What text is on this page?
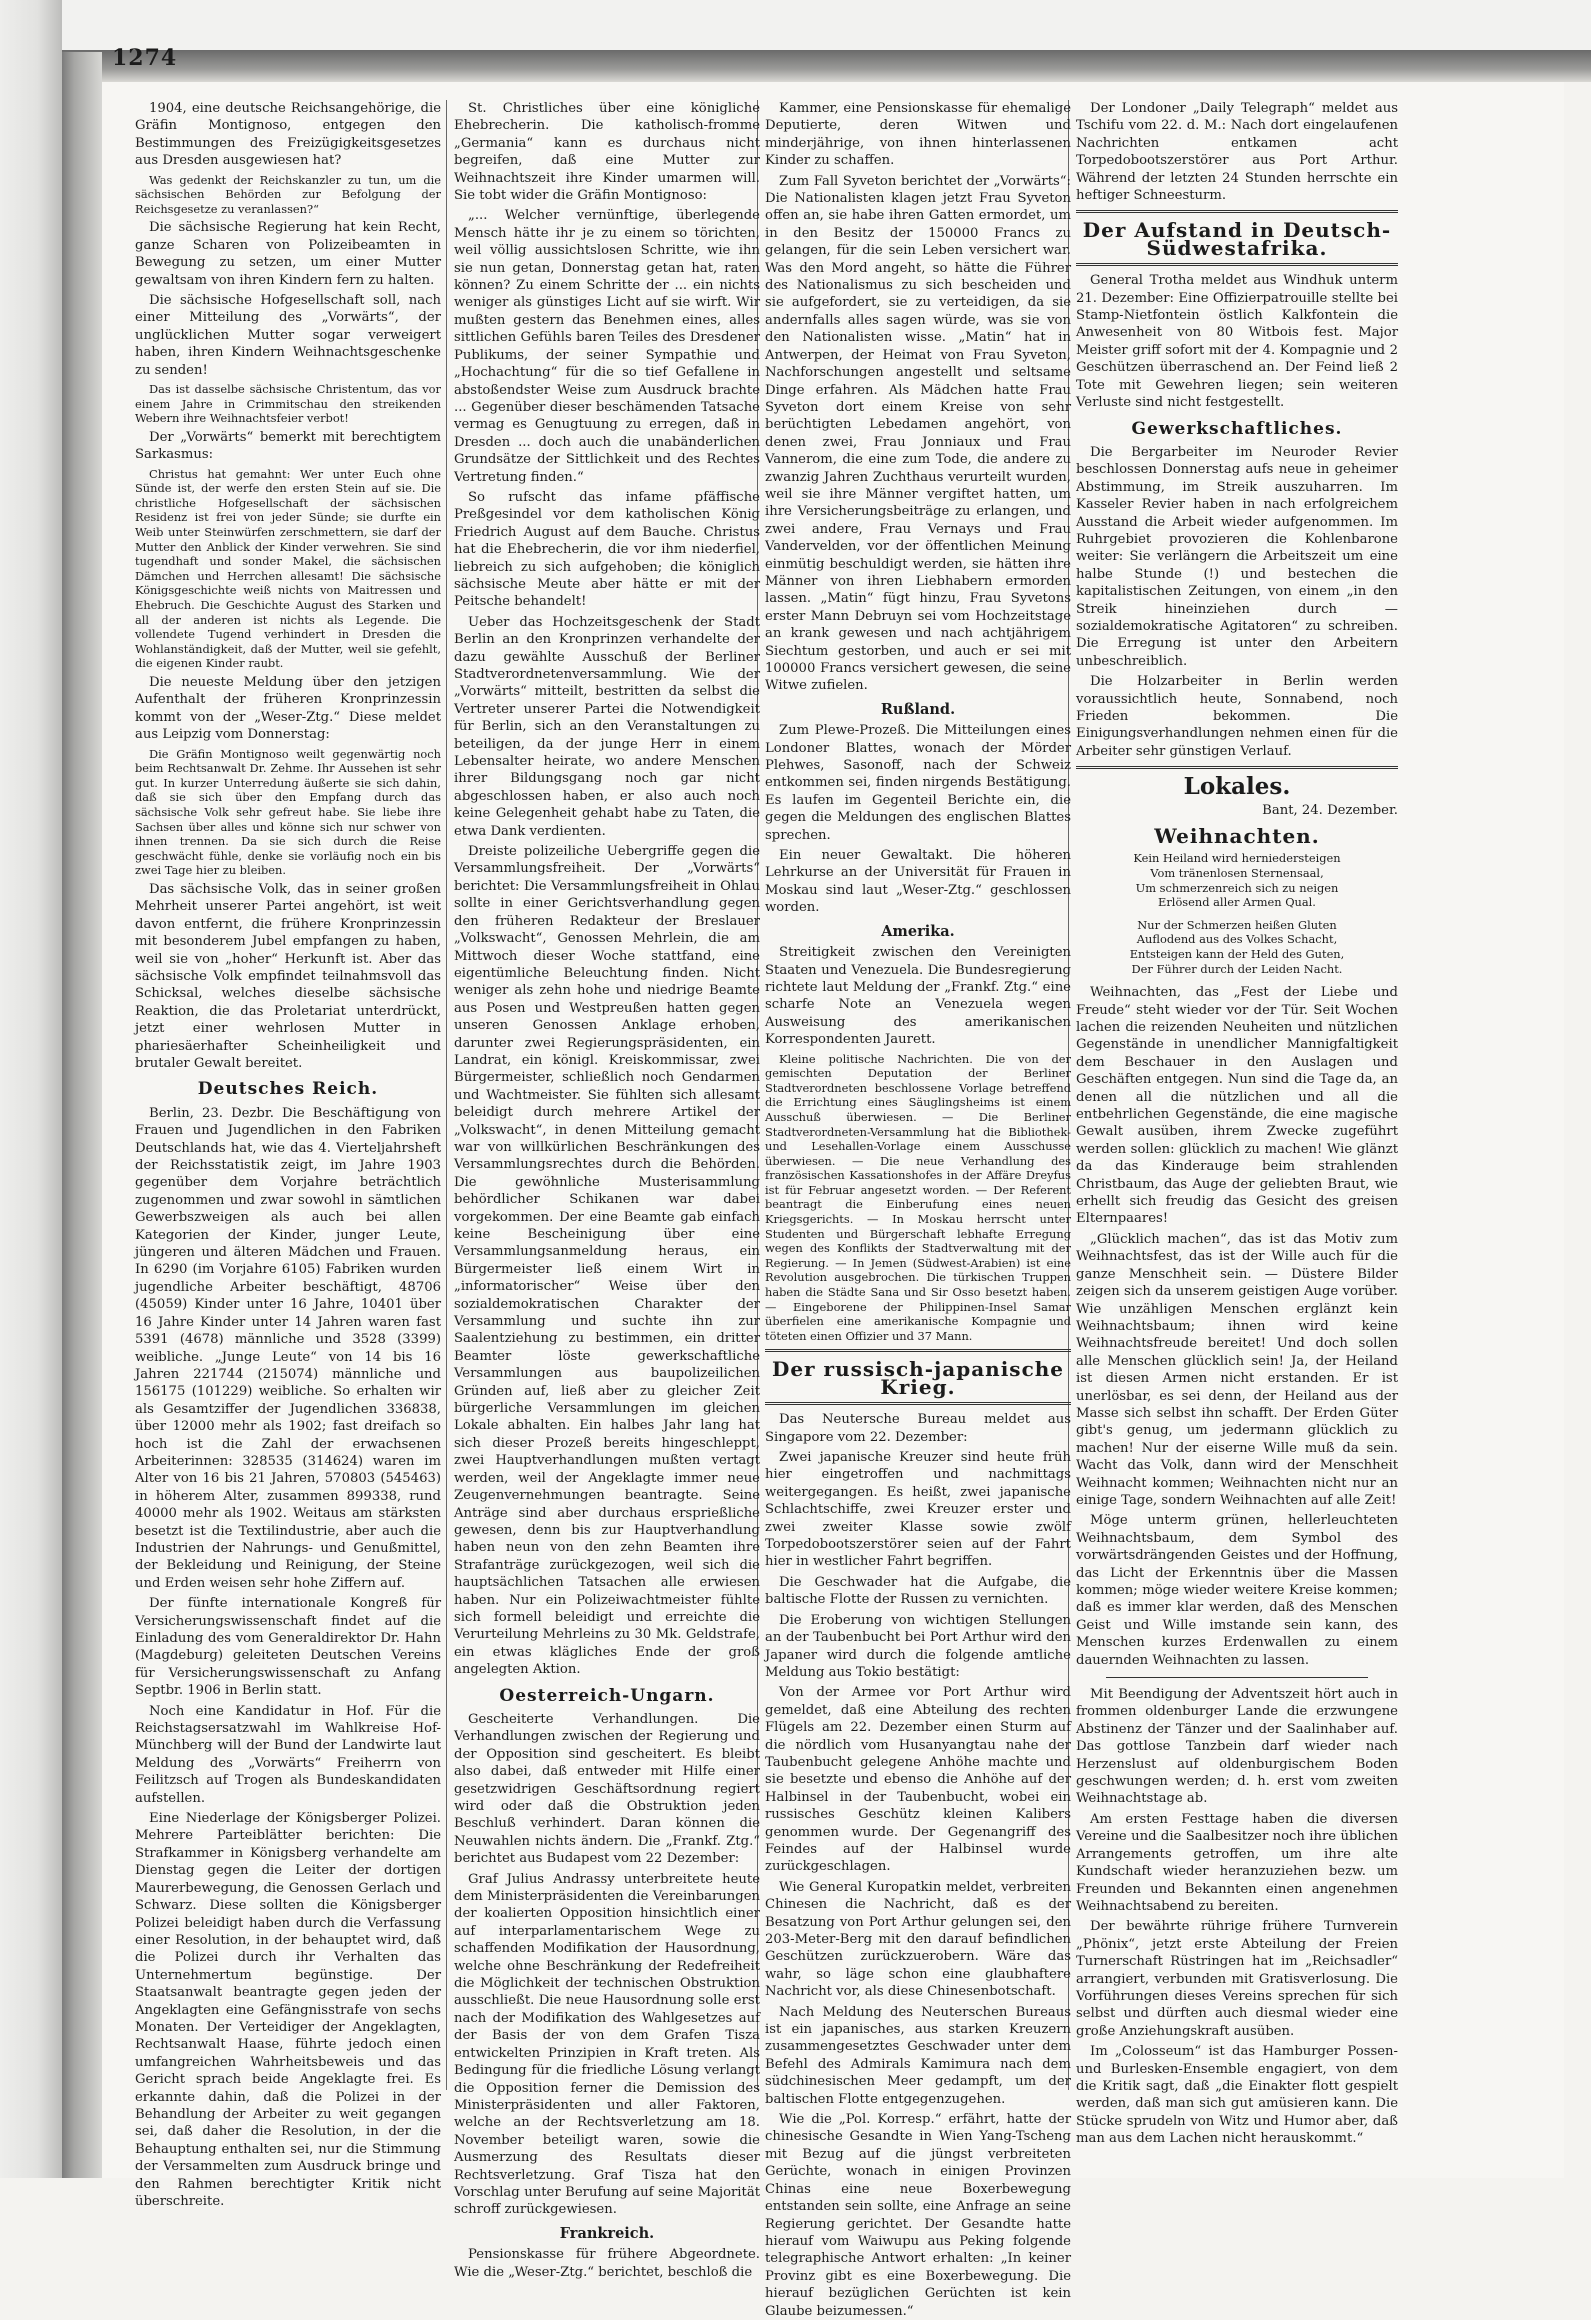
1274

1904, eine deutsche Reichsangehörige, die Gräfin Montignoso, entgegen den Bestimmungen des Freizügigkeitsgesetzes aus Dresden ausgewiesen hat?

Was gedenkt der Reichskanzler zu tun, um die sächsischen Behörden zur Befolgung der Reichsgesetze zu veranlassen?“

Die sächsische Regierung hat kein Recht, ganze Scharen von Polizeibeamten in Bewegung zu setzen, um einer Mutter gewaltsam von ihren Kindern fern zu halten.

Die sächsische Hofgesellschaft soll, nach einer Mitteilung des „Vorwärts“, der unglücklichen Mutter sogar verweigert haben, ihren Kindern Weihnachtsgeschenke zu senden!

Das ist dasselbe sächsische Christentum, das vor einem Jahre in Crimmitschau den streikenden Webern ihre Weihnachtsfeier verbot!

Der „Vorwärts“ bemerkt mit berechtigtem Sarkasmus:

Christus hat gemahnt: Wer unter Euch ohne Sünde ist, der werfe den ersten Stein auf sie. Die christliche Hofgesellschaft der sächsischen Residenz ist frei von jeder Sünde; sie durfte ein Weib unter Steinwürfen zerschmettern, sie darf der Mutter den Anblick der Kinder verwehren. Sie sind tugendhaft und sonder Makel, die sächsischen Dämchen und Herrchen allesamt! Die sächsische Königsgeschichte weiß nichts von Maitressen und Ehebruch. Die Geschichte August des Starken und all der anderen ist nichts als Legende. Die vollendete Tugend verhindert in Dresden die Wohlanständigkeit, daß der Mutter, weil sie gefehlt, die eigenen Kinder raubt.

Die neueste Meldung über den jetzigen Aufenthalt der früheren Kronprinzessin kommt von der „Weser-Ztg.“ Diese meldet aus Leipzig vom Donnerstag:

Die Gräfin Montignoso weilt gegenwärtig noch beim Rechtsanwalt Dr. Zehme. Ihr Aussehen ist sehr gut. In kurzer Unterredung äußerte sie sich dahin, daß sie sich über den Empfang durch das sächsische Volk sehr gefreut habe. Sie liebe ihre Sachsen über alles und könne sich nur schwer von ihnen trennen. Da sie sich durch die Reise geschwächt fühle, denke sie vorläufig noch ein bis zwei Tage hier zu bleiben.

Das sächsische Volk, das in seiner großen Mehrheit unserer Partei angehört, ist weit davon entfernt, die frühere Kronprinzessin mit besonderem Jubel empfangen zu haben, weil sie von „hoher“ Herkunft ist. Aber das sächsische Volk empfindet teilnahmsvoll das Schicksal, welches dieselbe sächsische Reaktion, die das Proletariat unterdrückt, jetzt einer wehrlosen Mutter in phariesäerhafter Scheinheiligkeit und brutaler Gewalt bereitet.

Deutsches Reich.

Berlin, 23. Dezbr. Die Beschäftigung von Frauen und Jugendlichen in den Fabriken Deutschlands hat, wie das 4. Vierteljahrsheft der Reichsstatistik zeigt, im Jahre 1903 gegenüber dem Vorjahre beträchtlich zugenommen und zwar sowohl in sämtlichen Gewerbszweigen als auch bei allen Kategorien der Kinder, junger Leute, jüngeren und älteren Mädchen und Frauen. In 6290 (im Vorjahre 6105) Fabriken wurden jugendliche Arbeiter beschäftigt, 48706 (45059) Kinder unter 16 Jahre, 10401 über 16 Jahre Kinder unter 14 Jahren waren fast 5391 (4678) männliche und 3528 (3399) weibliche. „Junge Leute“ von 14 bis 16 Jahren 221744 (215074) männliche und 156175 (101229) weibliche. So erhalten wir als Gesamtziffer der Jugendlichen 336838, über 12000 mehr als 1902; fast dreifach so hoch ist die Zahl der erwachsenen Arbeiterinnen: 328535 (314624) waren im Alter von 16 bis 21 Jahren, 570803 (545463) in höherem Alter, zusammen 899338, rund 40000 mehr als 1902. Weitaus am stärksten besetzt ist die Textilindustrie, aber auch die Industrien der Nahrungs- und Genußmittel, der Bekleidung und Reinigung, der Steine und Erden weisen sehr hohe Ziffern auf.

Der fünfte internationale Kongreß für Versicherungswissenschaft findet auf die Einladung des vom Generaldirektor Dr. Hahn (Magdeburg) geleiteten Deutschen Vereins für Versicherungswissenschaft zu Anfang Septbr. 1906 in Berlin statt.

Noch eine Kandidatur in Hof. Für die Reichstagsersatzwahl im Wahlkreise Hof-Münchberg will der Bund der Landwirte laut Meldung des „Vorwärts“ Freiherrn von Feilitzsch auf Trogen als Bundeskandidaten aufstellen.

Eine Niederlage der Königsberger Polizei. Mehrere Parteiblätter berichten: Die Strafkammer in Königsberg verhandelte am Dienstag gegen die Leiter der dortigen Maurerbewegung, die Genossen Gerlach und Schwarz. Diese sollten die Königsberger Polizei beleidigt haben durch die Verfassung einer Resolution, in der behauptet wird, daß die Polizei durch ihr Verhalten das Unternehmertum begünstige. Der Staatsanwalt beantragte gegen jeden der Angeklagten eine Gefängnisstrafe von sechs Monaten. Der Verteidiger der Angeklagten, Rechtsanwalt Haase, führte jedoch einen umfangreichen Wahrheitsbeweis und das Gericht sprach beide Angeklagte frei. Es erkannte dahin, daß die Polizei in der Behandlung der Arbeiter zu weit gegangen sei, daß daher die Resolution, in der die Behauptung enthalten sei, nur die Stimmung der Versammelten zum Ausdruck bringe und den Rahmen berechtigter Kritik nicht überschreite.

St. Christliches über eine königliche Ehebrecherin. Die katholisch-fromme „Germania“ kann es durchaus nicht begreifen, daß eine Mutter zur Weihnachtszeit ihre Kinder umarmen will. Sie tobt wider die Gräfin Montignoso:

„... Welcher vernünftige, überlegende Mensch hätte ihr je zu einem so törichten, weil völlig aussichtslosen Schritte, wie ihn sie nun getan, Donnerstag getan hat, raten können? Zu einem Schritte der ... ein nichts weniger als günstiges Licht auf sie wirft. Wir mußten gestern das Benehmen eines, alles sittlichen Gefühls baren Teiles des Dresdener Publikums, der seiner Sympathie und „Hochachtung“ für die so tief Gefallene in abstoßendster Weise zum Ausdruck brachte ... Gegenüber dieser beschämenden Tatsache vermag es Genugtuung zu erregen, daß in Dresden ... doch auch die unabänderlichen Grundsätze der Sittlichkeit und des Rechtes Vertretung finden.“

So rufscht das infame pfäffische Preßgesindel vor dem katholischen König Friedrich August auf dem Bauche. Christus hat die Ehebrecherin, die vor ihm niederfiel, liebreich zu sich aufgehoben; die königlich sächsische Meute aber hätte er mit der Peitsche behandelt!

Ueber das Hochzeitsgeschenk der Stadt Berlin an den Kronprinzen verhandelte der dazu gewählte Ausschuß der Berliner Stadtverordnetenversammlung. Wie der „Vorwärts“ mitteilt, bestritten da selbst die Vertreter unserer Partei die Notwendigkeit für Berlin, sich an den Veranstaltungen zu beteiligen, da der junge Herr in einem Lebensalter heirate, wo andere Menschen ihrer Bildungsgang noch gar nicht abgeschlossen haben, er also auch noch keine Gelegenheit gehabt habe zu Taten, die etwa Dank verdienten.

Dreiste polizeiliche Uebergriffe gegen die Versammlungsfreiheit. Der „Vorwärts“ berichtet: Die Versammlungsfreiheit in Ohlau sollte in einer Gerichtsverhandlung gegen den früheren Redakteur der Breslauer „Volkswacht“, Genossen Mehrlein, die am Mittwoch dieser Woche stattfand, eine eigentümliche Beleuchtung finden. Nicht weniger als zehn hohe und niedrige Beamte aus Posen und Westpreußen hatten gegen unseren Genossen Anklage erhoben, darunter zwei Regierungspräsidenten, ein Landrat, ein königl. Kreiskommissar, zwei Bürgermeister, schließlich noch Gendarmen und Wachtmeister. Sie fühlten sich allesamt beleidigt durch mehrere Artikel der „Volkswacht“, in denen Mitteilung gemacht war von willkürlichen Beschränkungen des Versammlungsrechtes durch die Behörden. Die gewöhnliche Musterisammlung behördlicher Schikanen war dabei vorgekommen. Der eine Beamte gab einfach keine Bescheinigung über eine Versammlungsanmeldung heraus, ein Bürgermeister ließ einem Wirt in „informatorischer“ Weise über den sozialdemokratischen Charakter der Versammlung und suchte ihn zur Saalentziehung zu bestimmen, ein dritter Beamter löste gewerkschaftliche Versammlungen aus baupolizeilichen Gründen auf, ließ aber zu gleicher Zeit bürgerliche Versammlungen im gleichen Lokale abhalten. Ein halbes Jahr lang hat sich dieser Prozeß bereits hingeschleppt, zwei Hauptverhandlungen mußten vertagt werden, weil der Angeklagte immer neue Zeugenvernehmungen beantragte. Seine Anträge sind aber durchaus ersprießliche gewesen, denn bis zur Hauptverhandlung haben neun von den zehn Beamten ihre Strafanträge zurückgezogen, weil sich die hauptsächlichen Tatsachen alle erwiesen haben. Nur ein Polizeiwachtmeister fühlte sich formell beleidigt und erreichte die Verurteilung Mehrleins zu 30 Mk. Geldstrafe, ein etwas klägliches Ende der groß angelegten Aktion.

Oesterreich-Ungarn.

Gescheiterte Verhandlungen. Die Verhandlungen zwischen der Regierung und der Opposition sind gescheitert. Es bleibt also dabei, daß entweder mit Hilfe einer gesetzwidrigen Geschäftsordnung regiert wird oder daß die Obstruktion jeden Beschluß verhindert. Daran können die Neuwahlen nichts ändern. Die „Frankf. Ztg.“ berichtet aus Budapest vom 22 Dezember:

Graf Julius Andrassy unterbreitete heute dem Ministerpräsidenten die Vereinbarungen der koalierten Opposition hinsichtlich einer auf interparlamentarischem Wege zu schaffenden Modifikation der Hausordnung, welche ohne Beschränkung der Redefreiheit die Möglichkeit der technischen Obstruktion ausschließt. Die neue Hausordnung solle erst nach der Modifikation des Wahlgesetzes auf der Basis der von dem Grafen Tisza entwickelten Prinzipien in Kraft treten. Als Bedingung für die friedliche Lösung verlangt die Opposition ferner die Demission des Ministerpräsidenten und aller Faktoren, welche an der Rechtsverletzung am 18. November beteiligt waren, sowie die Ausmerzung des Resultats dieser Rechtsverletzung. Graf Tisza hat den Vorschlag unter Berufung auf seine Majorität schroff zurückgewiesen.

Frankreich.

Pensionskasse für frühere Abgeordnete. Wie die „Weser-Ztg.“ berichtet, beschloß die

Kammer, eine Pensionskasse für ehemalige Deputierte, deren Witwen und minderjährige, von ihnen hinterlassenen Kinder zu schaffen.

Zum Fall Syveton berichtet der „Vorwärts“: Die Nationalisten klagen jetzt Frau Syveton offen an, sie habe ihren Gatten ermordet, um in den Besitz der 150000 Francs zu gelangen, für die sein Leben versichert war. Was den Mord angeht, so hätte die Führer des Nationalismus zu sich bescheiden und sie aufgefordert, sie zu verteidigen, da sie andernfalls alles sagen würde, was sie von den Nationalisten wisse. „Matin“ hat in Antwerpen, der Heimat von Frau Syveton, Nachforschungen angestellt und seltsame Dinge erfahren. Als Mädchen hatte Frau Syveton dort einem Kreise von sehr berüchtigten Lebedamen angehört, von denen zwei, Frau Jonniaux und Frau Vannerom, die eine zum Tode, die andere zu zwanzig Jahren Zuchthaus verurteilt wurden, weil sie ihre Männer vergiftet hatten, um ihre Versicherungsbeiträge zu erlangen, und zwei andere, Frau Vernays und Frau Vandervelden, vor der öffentlichen Meinung einmütig beschuldigt werden, sie hätten ihre Männer von ihren Liebhabern ermorden lassen. „Matin“ fügt hinzu, Frau Syvetons erster Mann Debruyn sei vom Hochzeitstage an krank gewesen und nach achtjährigem Siechtum gestorben, und auch er sei mit 100000 Francs versichert gewesen, die seine Witwe zufielen.

Rußland.

Zum Plewe-Prozeß. Die Mitteilungen eines Londoner Blattes, wonach der Mörder Plehwes, Sasonoff, nach der Schweiz entkommen sei, finden nirgends Bestätigung. Es laufen im Gegenteil Berichte ein, die gegen die Meldungen des englischen Blattes sprechen.

Ein neuer Gewaltakt. Die höheren Lehrkurse an der Universität für Frauen in Moskau sind laut „Weser-Ztg.“ geschlossen worden.

Amerika.

Streitigkeit zwischen den Vereinigten Staaten und Venezuela. Die Bundesregierung richtete laut Meldung der „Frankf. Ztg.“ eine scharfe Note an Venezuela wegen Ausweisung des amerikanischen Korrespondenten Jaurett.

Kleine politische Nachrichten. Die von der gemischten Deputation der Berliner Stadtverordneten beschlossene Vorlage betreffend die Errichtung eines Säuglingsheims ist einem Ausschuß überwiesen. — Die Berliner Stadtverordneten-Versammlung hat die Bibliothek- und Lesehallen-Vorlage einem Ausschusse überwiesen. — Die neue Verhandlung des französischen Kassationshofes in der Affäre Dreyfus ist für Februar angesetzt worden. — Der Referent beantragt die Einberufung eines neuen Kriegsgerichts. — In Moskau herrscht unter Studenten und Bürgerschaft lebhafte Erregung wegen des Konflikts der Stadtverwaltung mit der Regierung. — In Jemen (Südwest-Arabien) ist eine Revolution ausgebrochen. Die türkischen Truppen haben die Städte Sana und Sir Osso besetzt haben. — Eingeborene der Philippinen-Insel Samar überfielen eine amerikanische Kompagnie und töteten einen Offizier und 37 Mann.

Der russisch-japanische Krieg.

Das Neutersche Bureau meldet aus Singapore vom 22. Dezember:

Zwei japanische Kreuzer sind heute früh hier eingetroffen und nachmittags weitergegangen. Es heißt, zwei japanische Schlachtschiffe, zwei Kreuzer erster und zwei zweiter Klasse sowie zwölf Torpedobootszerstörer seien auf der Fahrt hier in westlicher Fahrt begriffen.

Die Geschwader hat die Aufgabe, die baltische Flotte der Russen zu vernichten.

Die Eroberung von wichtigen Stellungen an der Taubenbucht bei Port Arthur wird den Japaner wird durch die folgende amtliche Meldung aus Tokio bestätigt:

Von der Armee vor Port Arthur wird gemeldet, daß eine Abteilung des rechten Flügels am 22. Dezember einen Sturm auf die nördlich vom Husanyangtau nahe der Taubenbucht gelegene Anhöhe machte und sie besetzte und ebenso die Anhöhe auf der Halbinsel in der Taubenbucht, wobei ein russisches Geschütz kleinen Kalibers genommen wurde. Der Gegenangriff des Feindes auf der Halbinsel wurde zurückgeschlagen.

Wie General Kuropatkin meldet, verbreiten Chinesen die Nachricht, daß es der Besatzung von Port Arthur gelungen sei, den 203-Meter-Berg mit den darauf befindlichen Geschützen zurückzuerobern. Wäre das wahr, so läge schon eine glaubhaftere Nachricht vor, als diese Chinesenbotschaft.

Nach Meldung des Neuterschen Bureaus ist ein japanisches, aus starken Kreuzern zusammengesetztes Geschwader unter dem Befehl des Admirals Kamimura nach dem südchinesischen Meer gedampft, um der baltischen Flotte entgegenzugehen.

Wie die „Pol. Korresp.“ erfährt, hatte der chinesische Gesandte in Wien Yang-Tscheng mit Bezug auf die jüngst verbreiteten Gerüchte, wonach in einigen Provinzen Chinas eine neue Boxerbewegung entstanden sein sollte, eine Anfrage an seine Regierung gerichtet. Der Gesandte hatte hierauf vom Waiwupu aus Peking folgende telegraphische Antwort erhalten: „In keiner Provinz gibt es eine Boxerbewegung. Die hierauf bezüglichen Gerüchten ist kein Glaube beizumessen.“

Der Londoner „Daily Telegraph“ meldet aus Tschifu vom 22. d. M.: Nach dort eingelaufenen Nachrichten entkamen acht Torpedobootszerstörer aus Port Arthur. Während der letzten 24 Stunden herrschte ein heftiger Schneesturm.

Der Aufstand in Deutsch-Südwestafrika.

General Trotha meldet aus Windhuk unterm 21. Dezember: Eine Offizierpatrouille stellte bei Stamp-Nietfontein östlich Kalkfontein die Anwesenheit von 80 Witbois fest. Major Meister griff sofort mit der 4. Kompagnie und 2 Geschützen überraschend an. Der Feind ließ 2 Tote mit Gewehren liegen; sein weiteren Verluste sind nicht festgestellt.

Gewerkschaftliches.

Die Bergarbeiter im Neuroder Revier beschlossen Donnerstag aufs neue in geheimer Abstimmung, im Streik auszuharren. Im Kasseler Revier haben in nach erfolgreichem Ausstand die Arbeit wieder aufgenommen. Im Ruhrgebiet provozieren die Kohlenbarone weiter: Sie verlängern die Arbeitszeit um eine halbe Stunde (!) und bestechen die kapitalistischen Zeitungen, von einem „in den Streik hineinziehen durch — sozialdemokratische Agitatoren“ zu schreiben. Die Erregung ist unter den Arbeitern unbeschreiblich.

Die Holzarbeiter in Berlin werden voraussichtlich heute, Sonnabend, noch Frieden bekommen. Die Einigungsverhandlungen nehmen einen für die Arbeiter sehr günstigen Verlauf.

Lokales.
Bant, 24. Dezember.
Weihnachten.
Kein Heiland wird herniedersteigen
Vom tränenlosen Sternensaal,
Um schmerzenreich sich zu neigen
Erlösend aller Armen Qual.
Nur der Schmerzen heißen Gluten
Auflodend aus des Volkes Schacht,
Entsteigen kann der Held des Guten,
Der Führer durch der Leiden Nacht.

Weihnachten, das „Fest der Liebe und Freude“ steht wieder vor der Tür. Seit Wochen lachen die reizenden Neuheiten und nützlichen Gegenstände in unendlicher Mannigfaltigkeit dem Beschauer in den Auslagen und Geschäften entgegen. Nun sind die Tage da, an denen all die nützlichen und all die entbehrlichen Gegenstände, die eine magische Gewalt ausüben, ihrem Zwecke zugeführt werden sollen: glücklich zu machen! Wie glänzt da das Kinderauge beim strahlenden Christbaum, das Auge der geliebten Braut, wie erhellt sich freudig das Gesicht des greisen Elternpaares!

„Glücklich machen“, das ist das Motiv zum Weihnachtsfest, das ist der Wille auch für die ganze Menschheit sein. — Düstere Bilder zeigen sich da unserem geistigen Auge vorüber. Wie unzähligen Menschen erglänzt kein Weihnachtsbaum; ihnen wird keine Weihnachtsfreude bereitet! Und doch sollen alle Menschen glücklich sein! Ja, der Heiland ist diesen Armen nicht erstanden. Er ist unerlösbar, es sei denn, der Heiland aus der Masse sich selbst ihn schafft. Der Erden Güter gibt's genug, um jedermann glücklich zu machen! Nur der eiserne Wille muß da sein. Wacht das Volk, dann wird der Menschheit Weihnacht kommen; Weihnachten nicht nur an einige Tage, sondern Weihnachten auf alle Zeit!

Möge unterm grünen, hellerleuchteten Weihnachtsbaum, dem Symbol des vorwärtsdrängenden Geistes und der Hoffnung, das Licht der Erkenntnis über die Massen kommen; möge wieder weitere Kreise kommen; daß es immer klar werden, daß des Menschen Geist und Wille imstande sein kann, des Menschen kurzes Erdenwallen zu einem dauernden Weihnachten zu lassen.

Mit Beendigung der Adventszeit hört auch in frommen oldenburger Lande die erzwungene Abstinenz der Tänzer und der Saalinhaber auf. Das gottlose Tanzbein darf wieder nach Herzenslust auf oldenburgischem Boden geschwungen werden; d. h. erst vom zweiten Weihnachtstage ab.

Am ersten Festtage haben die diversen Vereine und die Saalbesitzer noch ihre üblichen Arrangements getroffen, um ihre alte Kundschaft wieder heranzuziehen bezw. um Freunden und Bekannten einen angenehmen Weihnachtsabend zu bereiten.

Der bewährte rührige frühere Turnverein „Phönix“, jetzt erste Abteilung der Freien Turnerschaft Rüstringen hat im „Reichsadler“ arrangiert, verbunden mit Gratisverlosung. Die Vorführungen dieses Vereins sprechen für sich selbst und dürften auch diesmal wieder eine große Anziehungskraft ausüben.

Im „Colosseum“ ist das Hamburger Possen- und Burlesken-Ensemble engagiert, von dem die Kritik sagt, daß „die Einakter flott gespielt werden, daß man sich gut amüsieren kann. Die Stücke sprudeln von Witz und Humor aber, daß man aus dem Lachen nicht herauskommt.“
